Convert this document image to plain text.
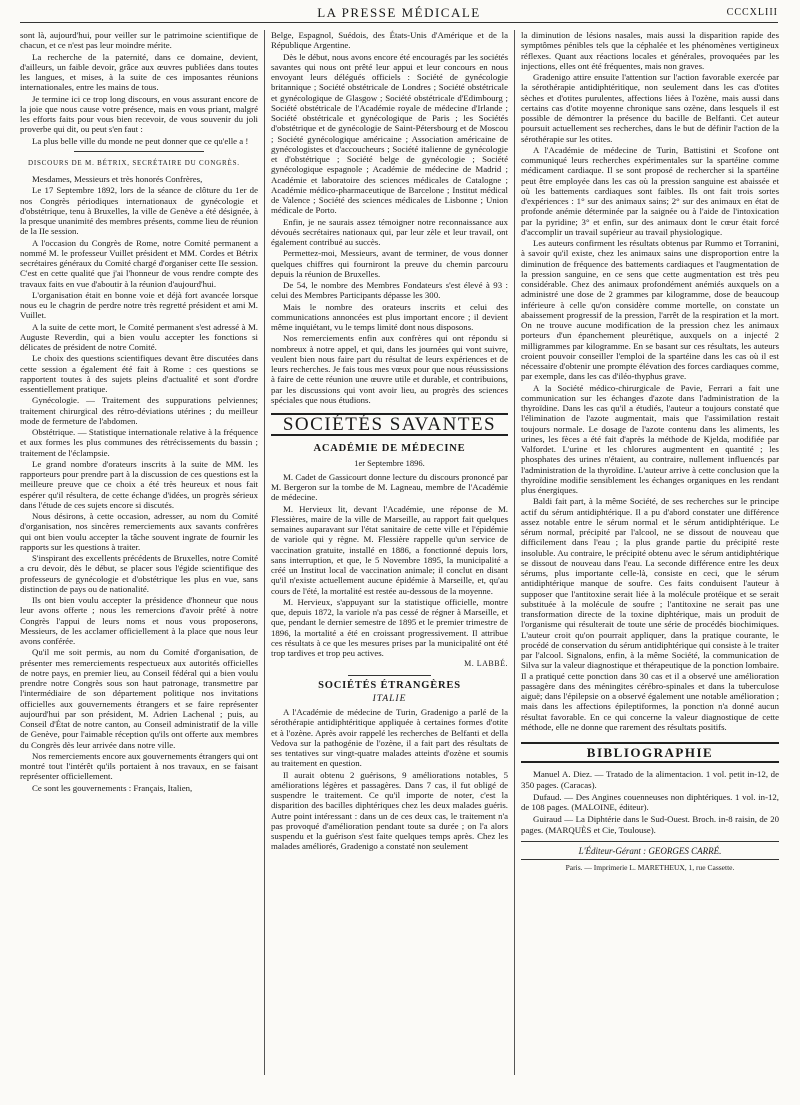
LA PRESSE MÉDICALE	CCCXLIII

sont là, aujourd'hui, pour veiller sur le patrimoine scientifique de chacun, et ce n'est pas leur moindre mérite.

La recherche de la paternité, dans ce domaine, devient, d'ailleurs, un faible devoir, grâce aux œuvres publiées dans toutes les langues, et mises, à la suite de ces imposantes réunions internationales, entre les mains de tous.

Je termine ici ce trop long discours, en vous assurant encore de la joie que nous cause votre présence, mais en vous priant, malgré les efforts faits pour vous bien recevoir, de vous souvenir du joli proverbe qui dit, ou peut s'en faut :

La plus belle ville du monde ne peut donner que ce qu'elle a !

DISCOURS DE M. BÉTRIX, SECRÉTAIRE DU CONGRÈS.

Mesdames, Messieurs et très honorés Confrères,

Le 17 Septembre 1892, lors de la séance de clôture du 1er de nos Congrès périodiques internationaux de gynécologie et d'obstétrique, tenu à Bruxelles, la ville de Genève a été désignée, à la presque unanimité des membres présents, comme lieu de réunion de la IIe session.

A l'occasion du Congrès de Rome, notre Comité permanent a nommé M. le professeur Vuillet président et MM. Cordes et Bétrix secrétaires généraux du Comité chargé d'organiser cette IIe session. C'est en cette qualité que j'ai l'honneur de vous rendre compte des travaux faits en vue d'aboutir à la réunion d'aujourd'hui.

L'organisation était en bonne voie et déjà fort avancée lorsque nous eu le chagrin de perdre notre très regretté président et ami M. Vuillet.

A la suite de cette mort, le Comité permanent s'est adressé à M. Auguste Reverdin, qui a bien voulu accepter les fonctions si délicates de président de notre Comité.

Le choix des questions scientifiques devant être discutées dans cette session a également été fait à Rome : ces questions se rapportent toutes à des sujets pleins d'actualité et sont d'ordre essentiellement pratique.

Gynécologie. — Traitement des suppurations pelviennes; traitement chirurgical des rétro-déviations utérines ; du meilleur mode de fermeture de l'abdomen.

Obstétrique. — Statistique internationale relative à la fréquence et aux formes les plus communes des rétrécissements du bassin ; traitement de l'éclampsie.

Le grand nombre d'orateurs inscrits à la suite de MM. les rapporteurs pour prendre part à la discussion de ces questions est la meilleure preuve que ce choix a été très heureux et nous fait espérer qu'il résultera, de cette échange d'idées, un progrès sérieux dans l'étude de ces sujets encore si discutés.

Nous désirons, à cette occasion, adresser, au nom du Comité d'organisation, nos sincères remerciements aux savants confrères qui ont bien voulu accepter la tâche souvent ingrate de fournir les rapports sur les questions à traiter.

S'inspirant des excellents précédents de Bruxelles, notre Comité a cru devoir, dès le début, se placer sous l'égide scientifique des professeurs de gynécologie et d'obstétrique les plus en vue, sans distinction de pays ou de nationalité.

Ils ont bien voulu accepter la présidence d'honneur que nous leur avons offerte ; nous les remercions d'avoir prêté à notre Congrès l'appui de leurs noms et nous vous proposerons, Messieurs, de les acclamer officiellement à la place que nous leur avons conférée.

Qu'il me soit permis, au nom du Comité d'organisation, de présenter mes remerciements respectueux aux autorités officielles de notre pays, en premier lieu, au Conseil fédéral qui a bien voulu prendre notre Congrès sous son haut patronage, transmettre par l'intermédiaire de son département politique nos invitations officielles aux gouvernements étrangers et se faire représenter aujourd'hui par son président, M. Adrien Lachenal ; puis, au Conseil d'État de notre canton, au Conseil administratif de la ville de Genève, pour l'aimable réception qu'ils ont offerte aux membres du Congrès dès leur arrivée dans notre ville.

Nos remerciements encore aux gouvernements étrangers qui ont montré tout l'intérêt qu'ils portaient à nos travaux, en se faisant représenter officiellement.

Ce sont les gouvernements : Français, Italien,

Belge, Espagnol, Suédois, des États-Unis d'Amérique et de la République Argentine.

Dès le début, nous avons encore été encouragés par les sociétés savantes qui nous ont prêté leur appui et leur concours en nous envoyant leurs délégués officiels : Société de gynécologie britannique ; Société obstétricale de Londres ; Société obstétricale et gynécologique de Glasgow ; Société obstétricale d'Edimbourg ; Société obstétricale de l'Académie royale de médecine d'Irlande ; Société obstétricale et gynécologique de Paris ; les Sociétés d'obstétrique et de gynécologie de Saint-Pétersbourg et de Moscou ; Société gynécologique américaine ; Association américaine de gynécologistes et d'accoucheurs ; Société italienne de gynécologie et d'obstétrique ; Société belge de gynécologie ; Société gynécologique espagnole ; Académie de médecine de Madrid ; Académie et laboratoire des sciences médicales de Catalogne ; Académie médico-pharmaceutique de Barcelone ; Institut médical de Valence ; Société des sciences médicales de Lisbonne ; Union médicale de Porto.

Enfin, je ne saurais assez témoigner notre reconnaissance aux dévoués secrétaires nationaux qui, par leur zèle et leur travail, ont également contribué au succès.

Permettez-moi, Messieurs, avant de terminer, de vous donner quelques chiffres qui fourniront la preuve du chemin parcouru depuis la réunion de Bruxelles.

De 54, le nombre des Membres Fondateurs s'est élevé à 93 : celui des Membres Participants dépasse les 300.

Mais le nombre des orateurs inscrits et celui des communications annoncées est plus important encore ; il devient même inquiétant, vu le temps limité dont nous disposons.

Nos remerciements enfin aux confrères qui ont répondu si nombreux à notre appel, et qui, dans les journées qui vont suivre, veulent bien nous faire part du résultat de leurs expériences et de leurs recherches. Je fais tous mes vœux pour que nous réussissions à faire de cette réunion une œuvre utile et durable, et contribuions, par les discussions qui vont avoir lieu, au progrès des sciences spéciales que nous étudions.

SOCIÉTÉS SAVANTES
ACADÉMIE DE MÉDECINE
1er Septembre 1896.

M. Cadet de Gassicourt donne lecture du discours prononcé par M. Bergeron sur la tombe de M. Lagneau, membre de l'Académie de médecine.

M. Hervieux lit, devant l'Académie, une réponse de M. Flessières, maire de la ville de Marseille, au rapport fait quelques semaines auparavant sur l'état sanitaire de cette ville et l'épidémie de variole qui y règne. M. Flessière rappelle qu'un service de vaccination gratuite, installé en 1886, a fonctionné depuis lors, sans interruption, et que, le 5 Novembre 1895, la municipalité a créé un Institut local de vaccination animale; il conclut en disant qu'il n'existe actuellement aucune épidémie à Marseille, et, qu'au cours de l'été, la mortalité est restée au-dessous de la moyenne.

M. Hervieux, s'appuyant sur la statistique officielle, montre que, depuis 1872, la variole n'a pas cessé de régner à Marseille, et que, pendant le dernier semestre de 1895 et le premier trimestre de 1896, la mortalité a été en croissant progressivement. Il attribue ces résultats à ce que les mesures prises par la municipalité ont été trop tardives et trop peu actives.

M. LABBÉ.
SOCIÉTÉS ÉTRANGÈRES
ITALIE

A l'Académie de médecine de Turin, Gradenigo a parlé de la sérothérapie antidiphtéritique appliquée à certaines formes d'otite et à l'ozène. Après avoir rappelé les recherches de Belfanti et della Vedova sur la pathogénie de l'ozène, il a fait part des résultats de ses tentatives sur vingt-quatre malades atteints d'ozène et soumis au traitement en question.

Il aurait obtenu 2 guérisons, 9 améliorations notables, 5 améliorations légères et passagères. Dans 7 cas, il fut obligé de suspendre le traitement. Ce qu'il importe de noter, c'est la disparition des bacilles diphtériques chez les deux malades guéris. Autre point intéressant : dans un de ces deux cas, le traitement n'a pas provoqué d'amélioration pendant toute sa durée ; on l'a alors suspendu et la guérison s'est faite quelques temps après. Chez les malades améliorés, Gradenigo a constaté non seulement

la diminution de lésions nasales, mais aussi la disparition rapide des symptômes pénibles tels que la céphalée et les phénomènes vertigineux réflexes. Quant aux réactions locales et générales, provoquées par les injections, elles ont été fréquentes, mais non graves.

Gradenigo attire ensuite l'attention sur l'action favorable exercée par la sérothérapie antidiphtéritique, non seulement dans les cas d'otites sèches et d'otites purulentes, affections liées à l'ozène, mais aussi dans certains cas d'otite moyenne chronique sans ozène, dans lesquels il est possible de démontrer la présence du bacille de Belfanti. Cet auteur poursuit actuellement ses recherches, dans le but de définir l'action de la sérothérapie sur les otites.

A l'Académie de médecine de Turin, Battistini et Scofone ont communiqué leurs recherches expérimentales sur la spartéine comme médicament cardiaque. Il se sont proposé de rechercher si la spartéine peut être employée dans les cas où la pression sanguine est abaissée et où les battements cardiaques sont faibles. Ils ont fait trois sortes d'expériences : 1° sur des animaux sains; 2° sur des animaux en état de profonde anémie déterminée par la saignée ou à l'aide de l'intoxication par la pyridine; 3° et enfin, sur des animaux dont le cœur était forcé d'accomplir un travail supérieur au travail physiologique.

Les auteurs confirment les résultats obtenus par Rummo et Torranini, à savoir qu'il existe, chez les animaux sains une disproportion entre la diminution de fréquence des battements cardiaques et l'augmentation de la pression sanguine, en ce sens que cette augmentation est très peu considérable. Chez des animaux profondément anémiés auxquels on a administré une dose de 2 grammes par kilogramme, dose de beaucoup inférieure à celle qu'on considère comme mortelle, on constate un abaissement progressif de la pression, l'arrêt de la respiration et la mort. On ne trouve aucune modification de la pression chez les animaux porteurs d'un épanchement pleurétique, auxquels on a injecté 2 milligrammes par kilogramme. En se basant sur ces résultats, les auteurs croient pouvoir conseiller l'emploi de la spartéine dans les cas où il est nécessaire d'obtenir une prompte élévation des forces cardiaques comme, par exemple, dans les cas d'iléo-thyphus grave.

A la Société médico-chirurgicale de Pavie, Ferrari a fait une communication sur les échanges d'azote dans l'administration de la thyroïdine. Dans les cas qu'il a étudiés, l'auteur a toujours constaté que l'élimination de l'azote augmentait, mais que l'assimilation restait toujours normale. Le dosage de l'azote contenu dans les aliments, les urines, les fèces a été fait d'après la méthode de Kjelda, modifiée par Valfordet. L'urine et les chlorures augmentent en quantité ; les phosphates des urines n'étaient, au contraire, nullement influencés par l'administration de la thyroïdine. L'auteur arrive à cette conclusion que la thyroïdine modifie sensiblement les échanges organiques en les rendant plus énergiques.

Baldi fait part, à la même Société, de ses recherches sur le principe actif du sérum antidiphtérique. Il a pu d'abord constater une différence assez notable entre le sérum normal et le sérum antidiphtérique. Le sérum normal, précipité par l'alcool, ne se dissout de nouveau que difficilement dans l'eau ; la plus grande partie du précipité reste insoluble. Au contraire, le précipité obtenu avec le sérum antidiphtérique se dissout de nouveau dans l'eau. La seconde différence entre les deux sérums, plus importante celle-là, consiste en ceci, que le sérum antidiphtérique manque de soufre. Ces faits conduisent l'auteur à supposer que l'antitoxine serait liée à la molécule protéique et se serait substituée à la molécule de soufre ; l'antitoxine ne serait pas une transformation directe de la toxine diphtérique, mais un produit de l'organisme qui résulterait de toute une série de procédés biochimiques. L'auteur croit qu'on pourrait appliquer, dans la pratique courante, le procédé de conservation du sérum antidiphtérique qui consiste à le traiter par l'alcool. Signalons, enfin, à la même Société, la communication de Silva sur la valeur diagnostique et thérapeutique de la ponction lombaire. Il a pratiqué cette ponction dans 30 cas et il a observé une amélioration passagère dans des méningites cérébro-spinales et dans la tuberculose aiguë; dans l'épilepsie on a observé également une notable amélioration ; mais dans les affections épileptiformes, la ponction n'a donné aucun résultat favorable. En ce qui concerne la valeur diagnostique de cette méthode, elle ne donne que rarement des résultats positifs.

BIBLIOGRAPHIE

Manuel A. Diez. — Tratado de la alimentacion. 1 vol. petit in-12, de 350 pages. (Caracas).

Dufaud. — Des Angines couenneuses non diphtériques. 1 vol. in-12, de 108 pages. (MALOINE, éditeur).

Guiraud — La Diphtérie dans le Sud-Ouest. Broch. in-8 raisin, de 20 pages. (MARQUÈS et Cie, Toulouse).

L'Éditeur-Gérant : GEORGES CARRÉ.
Paris. — Imprimerie L. MARETHEUX, 1, rue Cassette.
